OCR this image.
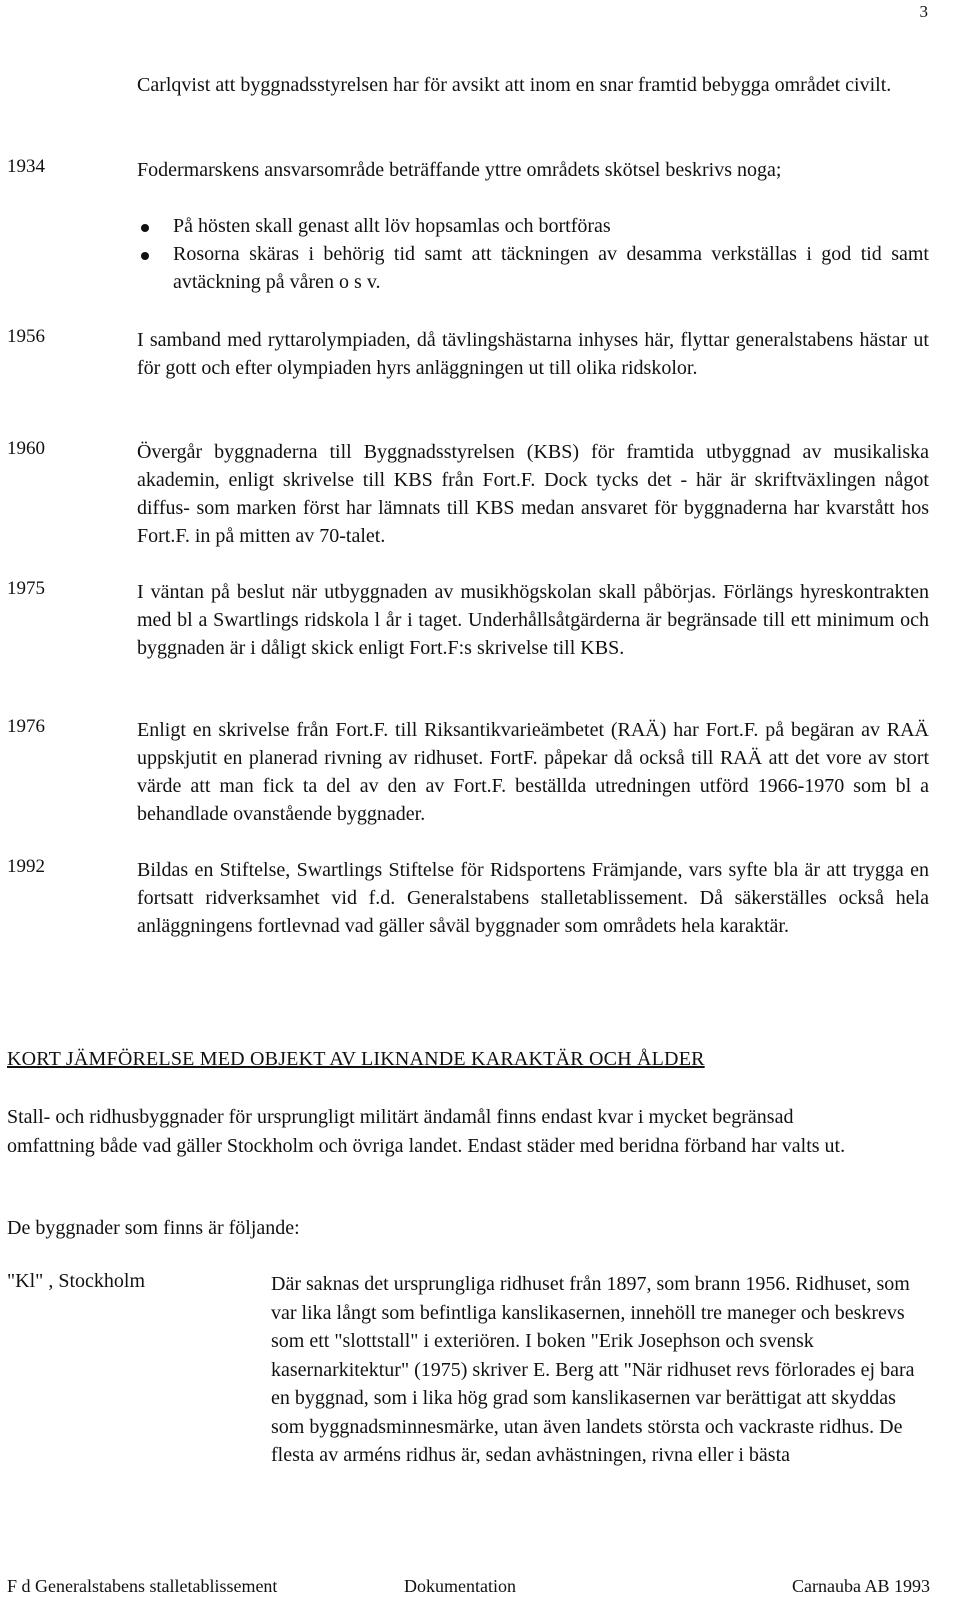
3
Carlqvist att byggnadsstyrelsen har för avsikt att inom en snar framtid bebygga området civilt.
1934	Fodermarskens ansvarsområde beträffande yttre områdets skötsel beskrivs noga;
På hösten skall genast allt löv hopsamlas och bortföras
Rosorna skäras i behörig tid samt att täckningen av desamma verkställas i god tid samt avtäckning på våren o s v.
1956	I samband med ryttarolympiaden, då tävlingshästarna inhyses här, flyttar generalstabens hästar ut för gott och efter olympiaden hyrs anläggningen ut till olika ridskolor.
1960	Övergår byggnaderna till Byggnadsstyrelsen (KBS) för framtida utbyggnad av musikaliska akademin, enligt skrivelse till KBS från Fort.F. Dock tycks det - här är skriftväxlingen något diffus- som marken först har lämnats till KBS medan ansvaret för byggnaderna har kvarstått hos Fort.F. in på mitten av 70-talet.
1975	I väntan på beslut när utbyggnaden av musikhögskolan skall påbörjas. Förlängs hyreskontrakten med bl a Swartlings ridskola l år i taget. Underhållsåtgärderna är begränsade till ett minimum och byggnaden är i dåligt skick enligt Fort.F:s skrivelse till KBS.
1976	Enligt en skrivelse från Fort.F. till Riksantikvarieämbetet (RAÄ) har Fort.F. på begäran av RAÄ uppskjutit en planerad rivning av ridhuset. FortF. påpekar då också till RAÄ att det vore av stort värde att man fick ta del av den av Fort.F. beställda utredningen utförd 1966-1970 som bl a behandlade ovanstående byggnader.
1992	Bildas en Stiftelse, Swartlings Stiftelse för Ridsportens Främjande, vars syfte bla är att trygga en fortsatt ridverksamhet vid f.d. Generalstabens stalletablissement. Då säkerställes också hela anläggningens fortlevnad vad gäller såväl byggnader som områdets hela karaktär.
KORT JÄMFÖRELSE MED OBJEKT AV LIKNANDE KARAKTÄR OCH ÅLDER
Stall- och ridhusbyggnader för ursprungligt militärt ändamål finns endast kvar i mycket begränsad omfattning både vad gäller Stockholm och övriga landet. Endast städer med beridna förband har valts ut.
De byggnader som finns är följande:
"Kl" , Stockholm	Där saknas det ursprungliga ridhuset från 1897, som brann 1956. Ridhuset, som var lika långt som befintliga kanslikasernen, innehöll tre maneger och beskrevs som ett "slottstall" i exteriören. I boken "Erik Josephson och svensk kasernarkitektur" (1975) skriver E. Berg att "När ridhuset revs förlorades ej bara en byggnad, som i lika hög grad som kanslikasernen var berättigat att skyddas som byggnadsminnesmärke, utan även landets största och vackraste ridhus. De flesta av arméns ridhus är, sedan avhästningen, rivna eller i bästa
F d Generalstabens stalletablissement	Dokumentation	Carnauba AB 1993
